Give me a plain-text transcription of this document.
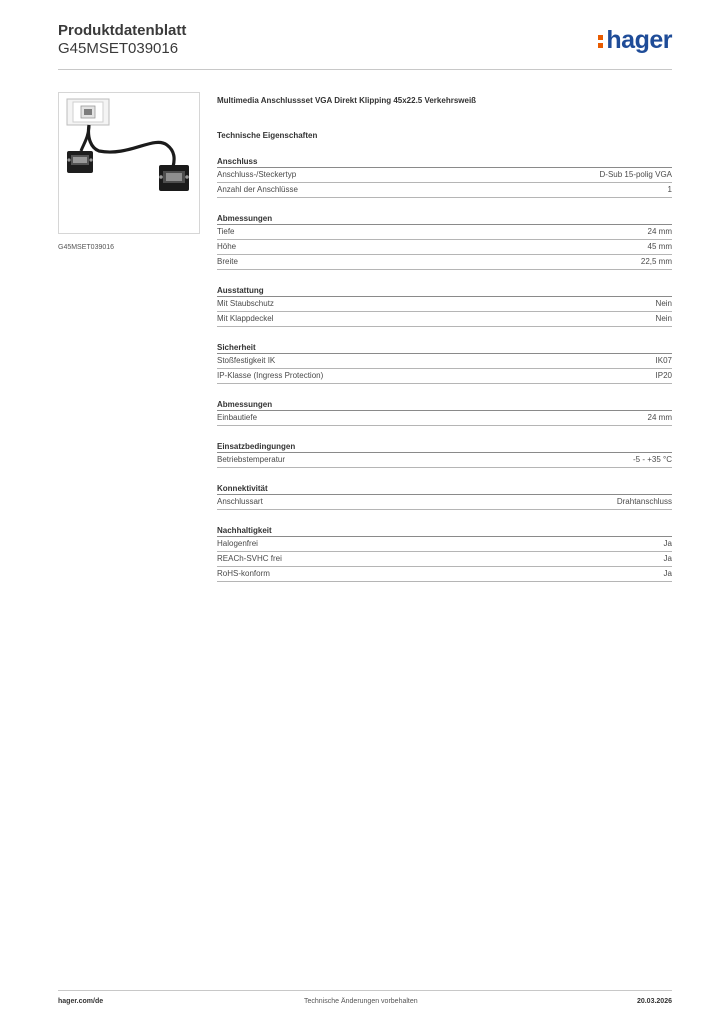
Produktdatenblatt
G45MSET039016	hager
G45MSET039016
Multimedia Anschlussset VGA Direkt Klipping 45x22.5 Verkehrsweiß
Technische Eigenschaften
Anschluss
Anschluss-/Steckertyp	D-Sub 15-polig VGA
Anzahl der Anschlüsse	1
Abmessungen
Tiefe	24 mm
Höhe	45 mm
Breite	22,5 mm
Ausstattung
Mit Staubschutz	Nein
Mit Klappdeckel	Nein
Sicherheit
Stoßfestigkeit IK	IK07
IP-Klasse (Ingress Protection)	IP20
Abmessungen
Einbautiefe	24 mm
Einsatzbedingungen
Betriebstemperatur	-5 - +35 °C
Konnektivität
Anschlussart	Drahtanschluss
Nachhaltigkeit
Halogenfrei	Ja
REACh-SVHC frei	Ja
RoHS-konform	Ja
hager.com/de	Technische Änderungen vorbehalten	20.03.2026
